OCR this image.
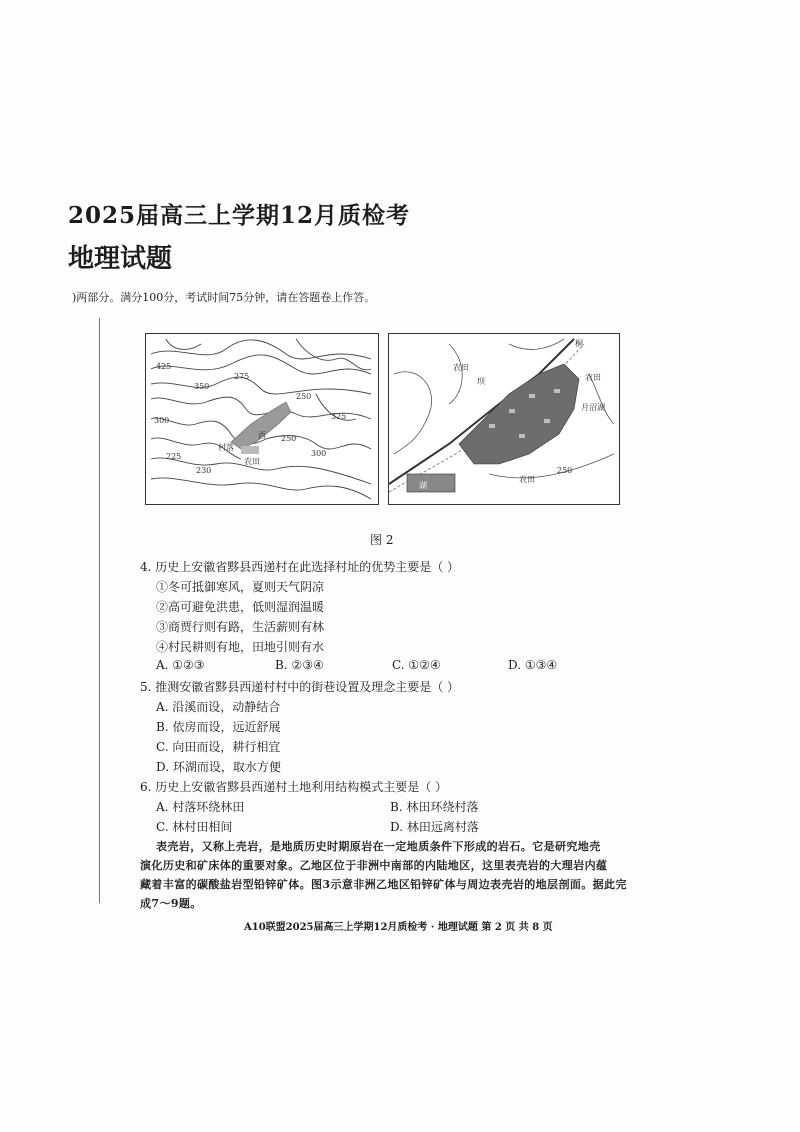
2025届高三上学期12月质检考
地理试题
)两部分。满分100分，考试时间75分钟，请在答题卷上作答。
425
350
275
250
300	325
300
250
225
230
村落
西
农田
桐
坝
农田
农田
月沼湖
250
农田
湖
图 2
4. 历史上安徽省黟县西递村在此选择村址的优势主要是（ ）
①冬可抵御寒风，夏则天气阴凉
②高可避免洪患，低则湿润温暖
③商贾行则有路，生活薪则有林
④村民耕则有地，田地引则有水
A. ①②③	B. ②③④	C. ①②④	D. ①③④
5. 推测安徽省黟县西递村村中的街巷设置及理念主要是（ ）
A. 沿溪而设，动静结合
B. 依房而设，远近舒展
C. 向田而设，耕行相宜
D. 环湖而设，取水方便
6. 历史上安徽省黟县西递村土地利用结构模式主要是（ ）
A. 村落环绕林田	B. 林田环绕村落
C. 林村田相间	D. 林田远离村落
表壳岩，又称上壳岩，是地质历史时期原岩在一定地质条件下形成的岩石。它是研究地壳
演化历史和矿床体的重要对象。乙地区位于非洲中南部的内陆地区，这里表壳岩的大理岩内蕴
藏着丰富的碳酸盐岩型铅锌矿体。图3示意非洲乙地区铅锌矿体与周边表壳岩的地层剖面。据此完
成7～9题。
A10联盟2025届高三上学期12月质检考 · 地理试题 第 2 页 共 8 页
